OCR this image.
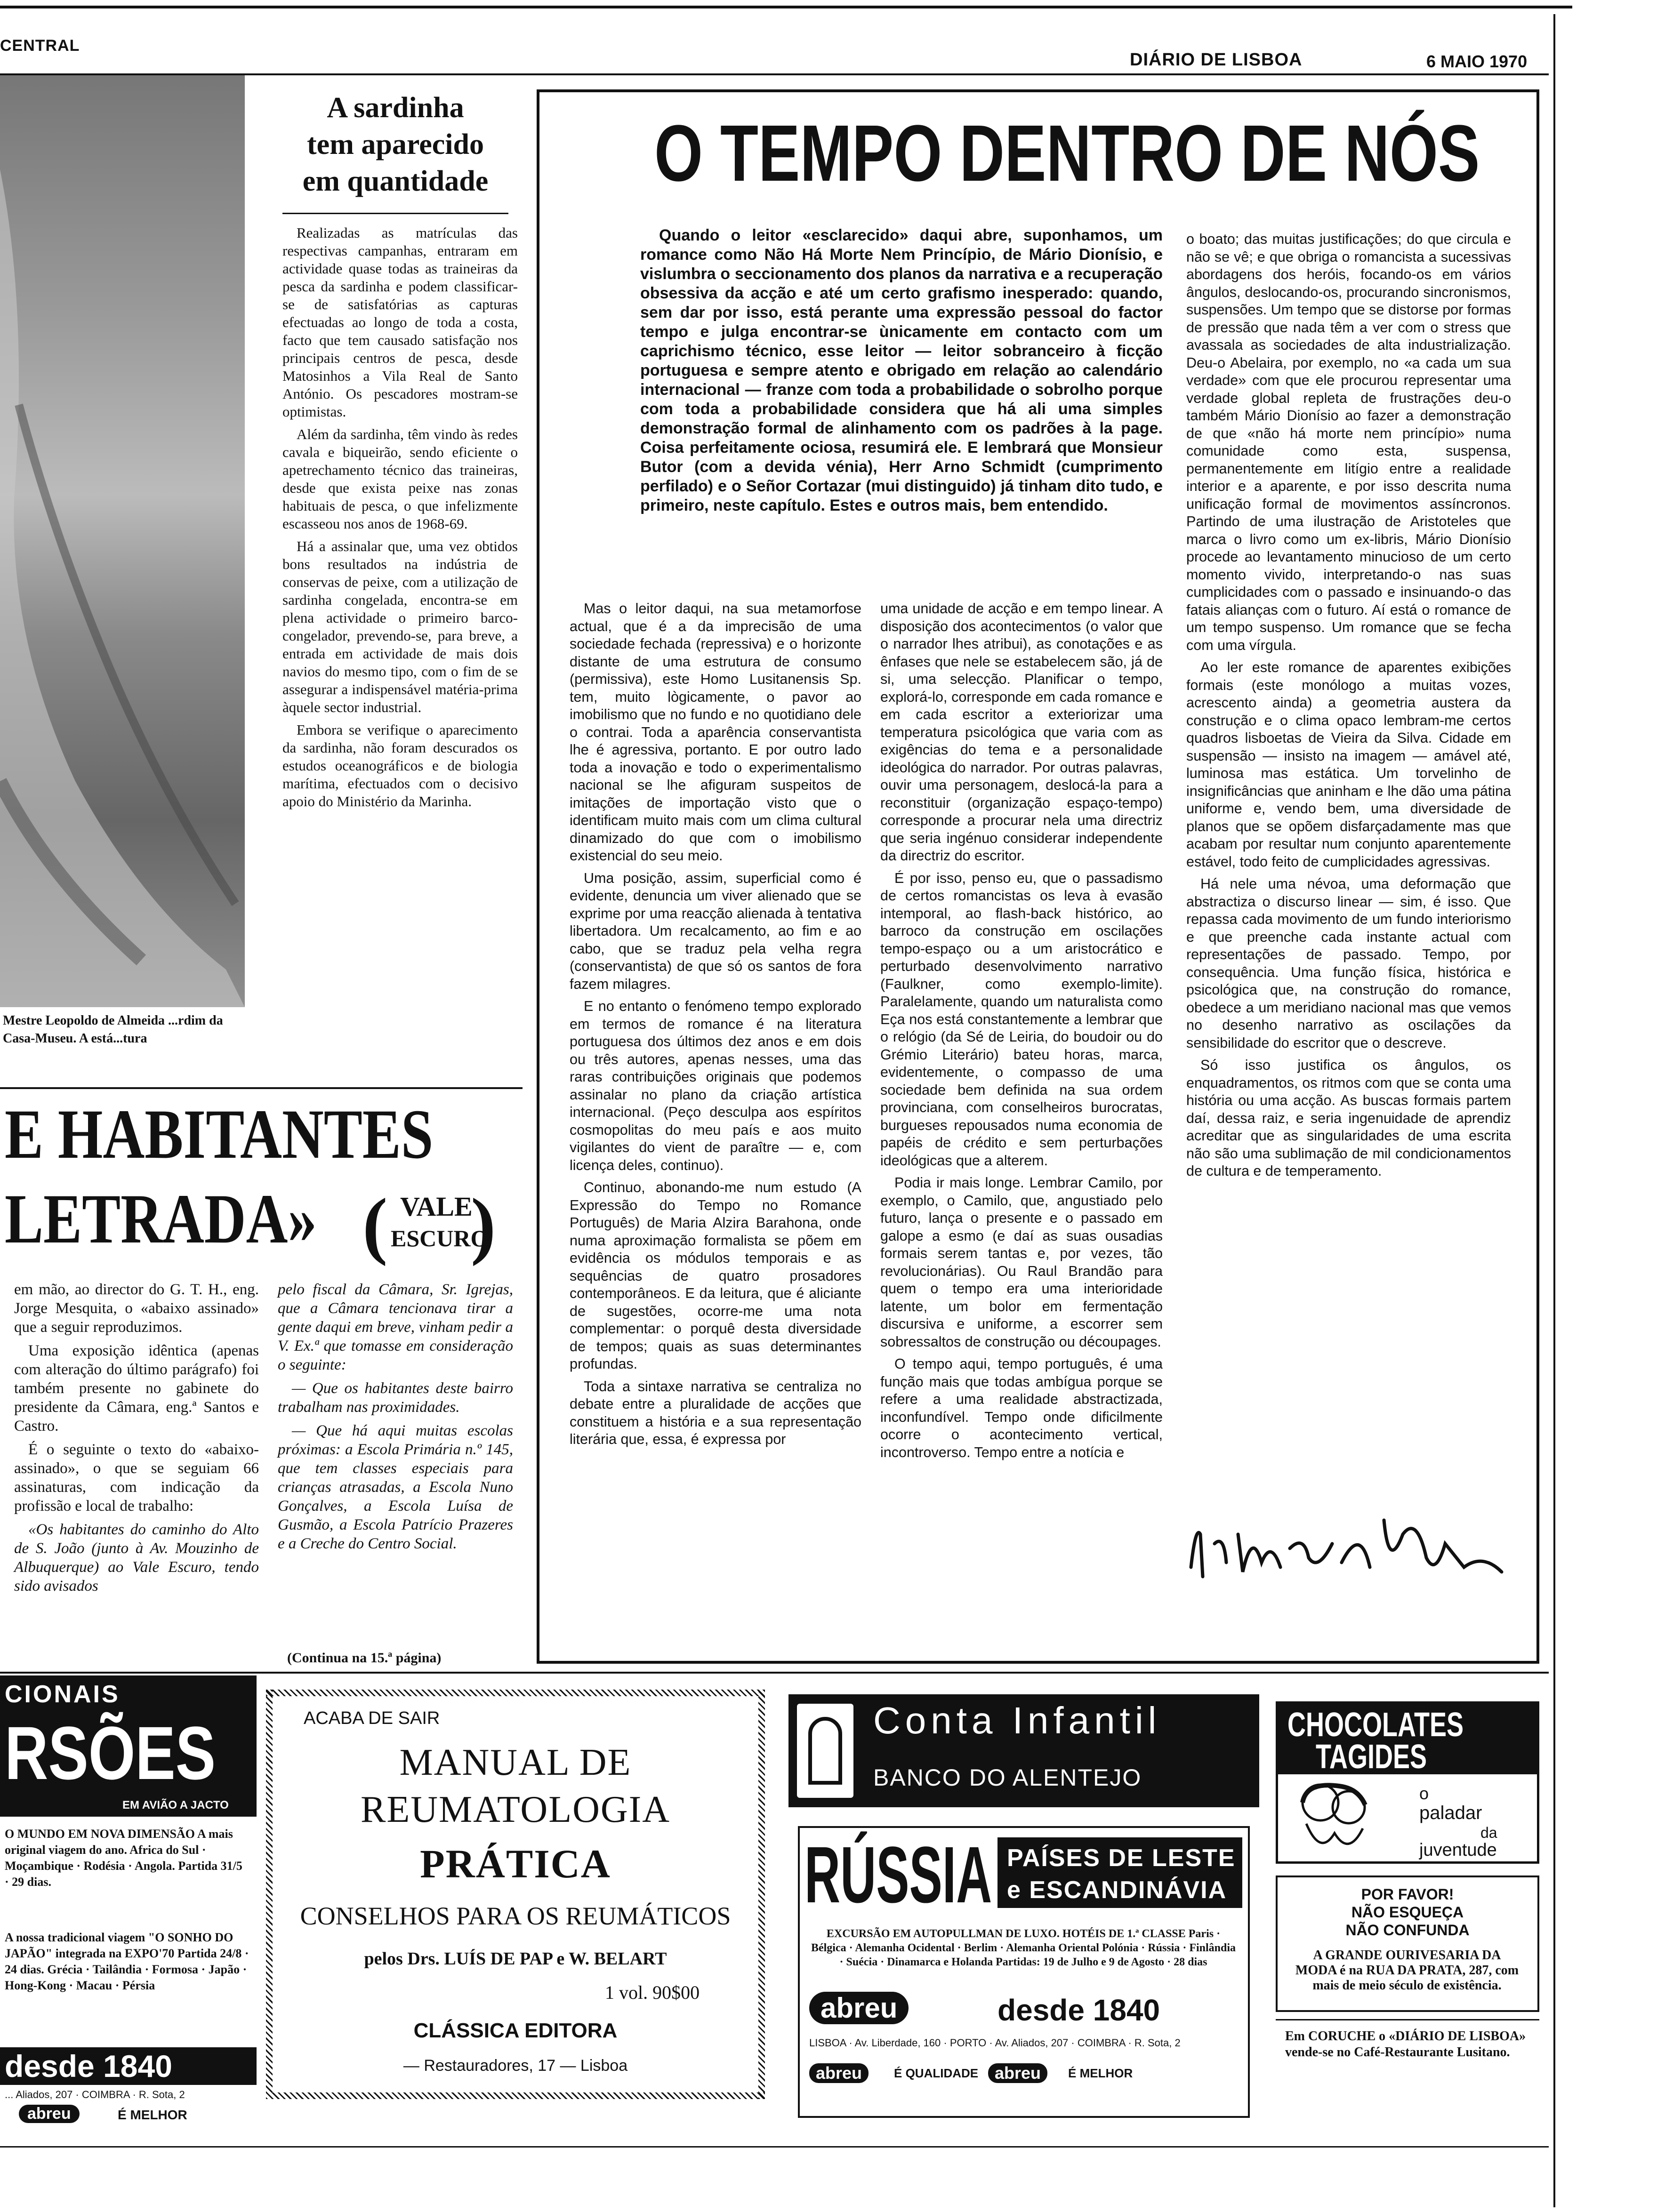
CENTRAL
DIÁRIO DE LISBOA	6 MAIO 1970
Mestre Leopoldo de Almeida ...rdim da Casa-Museu. A está...tura
A sardinha
tem aparecido
em quantidade

Realizadas as matrículas das respectivas campanhas, entraram em actividade quase todas as traineiras da pesca da sardinha e podem classificar-se de satisfatórias as capturas efectuadas ao longo de toda a costa, facto que tem causado satisfação nos principais centros de pesca, desde Matosinhos a Vila Real de Santo António. Os pescadores mostram-se optimistas.

Além da sardinha, têm vindo às redes cavala e biqueirão, sendo eficiente o apetrechamento técnico das traineiras, desde que exista peixe nas zonas habituais de pesca, o que infelizmente escasseou nos anos de 1968-69.

Há a assinalar que, uma vez obtidos bons resultados na indústria de conservas de peixe, com a utilização de sardinha congelada, encontra-se em plena actividade o primeiro barco-congelador, prevendo-se, para breve, a entrada em actividade de mais dois navios do mesmo tipo, com o fim de se assegurar a indispensável matéria-prima àquele sector industrial.

Embora se verifique o aparecimento da sardinha, não foram descurados os estudos oceanográficos e de biologia marítima, efectuados com o decisivo apoio do Ministério da Marinha.

E HABITANTES
LETRADA» ( VALE
ESCURO
)

em mão, ao director do G. T. H., eng. Jorge Mesquita, o «abaixo assinado» que a seguir reproduzimos.

Uma exposição idêntica (apenas com alteração do último parágrafo) foi também presente no gabinete do presidente da Câmara, eng.ª Santos e Castro.

É o seguinte o texto do «abaixo-assinado», o que se seguiam 66 assinaturas, com indicação da profissão e local de trabalho:

«Os habitantes do caminho do Alto de S. João (junto à Av. Mouzinho de Albuquerque) ao Vale Escuro, tendo sido avisados

pelo fiscal da Câmara, Sr. Igrejas, que a Câmara tencionava tirar a gente daqui em breve, vinham pedir a V. Ex.ª que tomasse em consideração o seguinte:

— Que os habitantes deste bairro trabalham nas proximidades.

— Que há aqui muitas escolas próximas: a Escola Primária n.º 145, que tem classes especiais para crianças atrasadas, a Escola Nuno Gonçalves, a Escola Luísa de Gusmão, a Escola Patrício Prazeres e a Creche do Centro Social.

(Continua na 15.ª página)
O TEMPO DENTRO DE NÓS
Quando o leitor «esclarecido» daqui abre, suponhamos, um romance como Não Há Morte Nem Princípio, de Mário Dionísio, e vislumbra o seccionamento dos planos da narrativa e a recuperação obsessiva da acção e até um certo grafismo inesperado: quando, sem dar por isso, está perante uma expressão pessoal do factor tempo e julga encontrar-se ùnicamente em contacto com um caprichismo técnico, esse leitor — leitor sobranceiro à ficção portuguesa e sempre atento e obrigado em relação ao calendário internacional — franze com toda a probabilidade o sobrolho porque com toda a probabilidade considera que há ali uma simples demonstração formal de alinhamento com os padrões à la page. Coisa perfeitamente ociosa, resumirá ele. E lembrará que Monsieur Butor (com a devida vénia), Herr Arno Schmidt (cumprimento perfilado) e o Señor Cortazar (mui distinguido) já tinham dito tudo, e primeiro, neste capítulo. Estes e outros mais, bem entendido.

Mas o leitor daqui, na sua metamorfose actual, que é a da imprecisão de uma sociedade fechada (repressiva) e o horizonte distante de uma estrutura de consumo (permissiva), este Homo Lusitanensis Sp. tem, muito lògicamente, o pavor ao imobilismo que no fundo e no quotidiano dele o contrai. Toda a aparência conservantista lhe é agressiva, portanto. E por outro lado toda a inovação e todo o experimentalismo nacional se lhe afiguram suspeitos de imitações de importação visto que o identificam muito mais com um clima cultural dinamizado do que com o imobilismo existencial do seu meio.

Uma posição, assim, superficial como é evidente, denuncia um viver alienado que se exprime por uma reacção alienada à tentativa libertadora. Um recalcamento, ao fim e ao cabo, que se traduz pela velha regra (conservantista) de que só os santos de fora fazem milagres.

E no entanto o fenómeno tempo explorado em termos de romance é na literatura portuguesa dos últimos dez anos e em dois ou três autores, apenas nesses, uma das raras contribuições originais que podemos assinalar no plano da criação artística internacional. (Peço desculpa aos espíritos cosmopolitas do meu país e aos muito vigilantes do vient de paraître — e, com licença deles, continuo).

Continuo, abonando-me num estudo (A Expressão do Tempo no Romance Português) de Maria Alzira Barahona, onde numa aproximação formalista se põem em evidência os módulos temporais e as sequências de quatro prosadores contemporâneos. E da leitura, que é aliciante de sugestões, ocorre-me uma nota complementar: o porquê desta diversidade de tempos; quais as suas determinantes profundas.

Toda a sintaxe narrativa se centraliza no debate entre a pluralidade de acções que constituem a história e a sua representação literária que, essa, é expressa por

uma unidade de acção e em tempo linear. A disposição dos acontecimentos (o valor que o narrador lhes atribui), as conotações e as ênfases que nele se estabelecem são, já de si, uma selecção. Planificar o tempo, explorá-lo, corresponde em cada romance e em cada escritor a exteriorizar uma temperatura psicológica que varia com as exigências do tema e a personalidade ideológica do narrador. Por outras palavras, ouvir uma personagem, deslocá-la para a reconstituir (organização espaço-tempo) corresponde a procurar nela uma directriz que seria ingénuo considerar independente da directriz do escritor.

É por isso, penso eu, que o passadismo de certos romancistas os leva à evasão intemporal, ao flash-back histórico, ao barroco da construção em oscilações tempo-espaço ou a um aristocrático e perturbado desenvolvimento narrativo (Faulkner, como exemplo-limite). Paralelamente, quando um naturalista como Eça nos está constantemente a lembrar que o relógio (da Sé de Leiria, do boudoir ou do Grémio Literário) bateu horas, marca, evidentemente, o compasso de uma sociedade bem definida na sua ordem provinciana, com conselheiros burocratas, burgueses repousados numa economia de papéis de crédito e sem perturbações ideológicas que a alterem.

Podia ir mais longe. Lembrar Camilo, por exemplo, o Camilo, que, angustiado pelo futuro, lança o presente e o passado em galope a esmo (e daí as suas ousadias formais serem tantas e, por vezes, tão revolucionárias). Ou Raul Brandão para quem o tempo era uma interioridade latente, um bolor em fermentação discursiva e uniforme, a escorrer sem sobressaltos de construção ou découpages.

O tempo aqui, tempo português, é uma função mais que todas ambígua porque se refere a uma realidade abstractizada, inconfundível. Tempo onde dificilmente ocorre o acontecimento vertical, incontroverso. Tempo entre a notícia e

o boato; das muitas justificações; do que circula e não se vê; e que obriga o romancista a sucessivas abordagens dos heróis, focando-os em vários ângulos, deslocando-os, procurando sincronismos, suspensões. Um tempo que se distorse por formas de pressão que nada têm a ver com o stress que avassala as sociedades de alta industrialização. Deu-o Abelaira, por exemplo, no «a cada um sua verdade» com que ele procurou representar uma verdade global repleta de frustrações deu-o também Mário Dionísio ao fazer a demonstração de que «não há morte nem princípio» numa comunidade como esta, suspensa, permanentemente em litígio entre a realidade interior e a aparente, e por isso descrita numa unificação formal de movimentos assíncronos. Partindo de uma ilustração de Aristoteles que marca o livro como um ex-libris, Mário Dionísio procede ao levantamento minucioso de um certo momento vivido, interpretando-o nas suas cumplicidades com o passado e insinuando-o das fatais alianças com o futuro. Aí está o romance de um tempo suspenso. Um romance que se fecha com uma vírgula.

Ao ler este romance de aparentes exibições formais (este monólogo a muitas vozes, acrescento ainda) a geometria austera da construção e o clima opaco lembram-me certos quadros lisboetas de Vieira da Silva. Cidade em suspensão — insisto na imagem — amável até, luminosa mas estática. Um torvelinho de insignificâncias que aninham e lhe dão uma pátina uniforme e, vendo bem, uma diversidade de planos que se opõem disfarçadamente mas que acabam por resultar num conjunto aparentemente estável, todo feito de cumplicidades agressivas.

Há nele uma névoa, uma deformação que abstractiza o discurso linear — sim, é isso. Que repassa cada movimento de um fundo interiorismo e que preenche cada instante actual com representações de passado. Tempo, por consequência. Uma função física, histórica e psicológica que, na construção do romance, obedece a um meridiano nacional mas que vemos no desenho narrativo as oscilações da sensibilidade do escritor que o descreve.

Só isso justifica os ângulos, os enquadramentos, os ritmos com que se conta uma história ou uma acção. As buscas formais partem daí, dessa raiz, e seria ingenuidade de aprendiz acreditar que as singularidades de uma escrita não são uma sublimação de mil condicionamentos de cultura e de temperamento.

CIONAIS
RSÕES
EM AVIÃO A JACTO
O MUNDO EM NOVA DIMENSÃO A mais original viagem do ano. Africa do Sul · Moçambique · Rodésia · Angola. Partida 31/5 · 29 dias.
A nossa tradicional viagem "O SONHO DO JAPÃO" integrada na EXPO'70 Partida 24/8 · 24 dias. Grécia · Tailândia · Formosa · Japão · Hong-Kong · Macau · Pérsia
desde 1840
... Aliados, 207 · COIMBRA · R. Sota, 2
abreu	É MELHOR
ACABA DE SAIR
MANUAL DE
REUMATOLOGIA
PRÁTICA
CONSELHOS PARA OS REUMÁTICOS
pelos Drs. LUÍS DE PAP e W. BELART
1 vol. 90$00
CLÁSSICA EDITORA
— Restauradores, 17 — Lisboa
Conta Infantil
BANCO DO ALENTEJO
RÚSSIA PAÍSES DE LESTE
e ESCANDINÁVIA
EXCURSÃO EM AUTOPULLMAN DE LUXO. HOTÉIS DE 1.ª CLASSE Paris · Bélgica · Alemanha Ocidental · Berlim · Alemanha Oriental Polónia · Rússia · Finlândia · Suécia · Dinamarca e Holanda Partidas: 19 de Julho e 9 de Agosto · 28 dias
abreu	desde 1840
LISBOA · Av. Liberdade, 160 · PORTO · Av. Aliados, 207 · COIMBRA · R. Sota, 2
abreu	É QUALIDADE abreu	É MELHOR
CHOCOLATES
TAGIDES
o
paladar
da
juventude
POR FAVOR!
NÃO ESQUEÇA
NÃO CONFUNDA
A GRANDE OURIVESARIA DA MODA é na RUA DA PRATA, 287, com mais de meio século de existência.
Em CORUCHE o «DIÁRIO DE LISBOA» vende-se no Café-Restaurante Lusitano.
